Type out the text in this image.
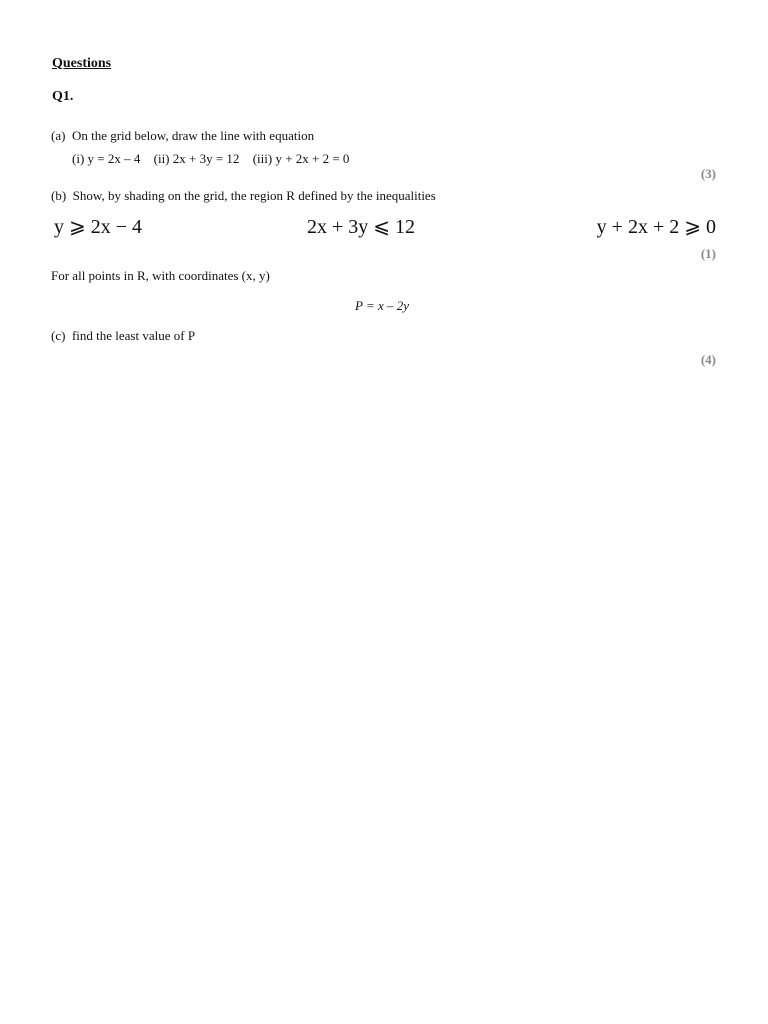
Questions
Q1.
(a) On the grid below, draw the line with equation
(i) y = 2x – 4 (ii) 2x + 3y = 12 (iii) y + 2x + 2 = 0
(3)
(b) Show, by shading on the grid, the region R defined by the inequalities
y ⩾ 2x − 4	2x + 3y ⩽ 12	y + 2x + 2 ⩾ 0
(1)
For all points in R, with coordinates (x, y)
P = x – 2y
(c) find the least value of P
(4)
